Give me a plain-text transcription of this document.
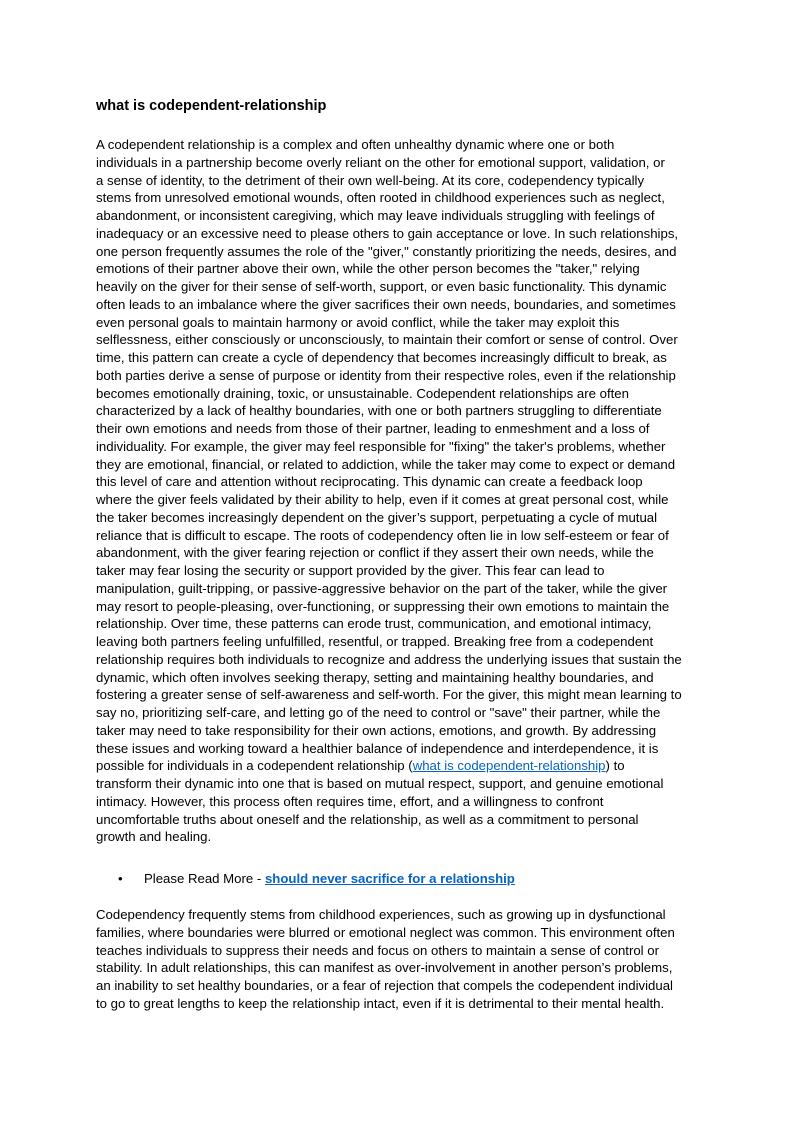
what is codependent-relationship
A codependent relationship is a complex and often unhealthy dynamic where one or both
individuals in a partnership become overly reliant on the other for emotional support, validation, or
a sense of identity, to the detriment of their own well-being. At its core, codependency typically
stems from unresolved emotional wounds, often rooted in childhood experiences such as neglect,
abandonment, or inconsistent caregiving, which may leave individuals struggling with feelings of
inadequacy or an excessive need to please others to gain acceptance or love. In such relationships,
one person frequently assumes the role of the "giver," constantly prioritizing the needs, desires, and
emotions of their partner above their own, while the other person becomes the "taker," relying
heavily on the giver for their sense of self-worth, support, or even basic functionality. This dynamic
often leads to an imbalance where the giver sacrifices their own needs, boundaries, and sometimes
even personal goals to maintain harmony or avoid conflict, while the taker may exploit this
selflessness, either consciously or unconsciously, to maintain their comfort or sense of control. Over
time, this pattern can create a cycle of dependency that becomes increasingly difficult to break, as
both parties derive a sense of purpose or identity from their respective roles, even if the relationship
becomes emotionally draining, toxic, or unsustainable. Codependent relationships are often
characterized by a lack of healthy boundaries, with one or both partners struggling to differentiate
their own emotions and needs from those of their partner, leading to enmeshment and a loss of
individuality. For example, the giver may feel responsible for "fixing" the taker's problems, whether
they are emotional, financial, or related to addiction, while the taker may come to expect or demand
this level of care and attention without reciprocating. This dynamic can create a feedback loop
where the giver feels validated by their ability to help, even if it comes at great personal cost, while
the taker becomes increasingly dependent on the giver’s support, perpetuating a cycle of mutual
reliance that is difficult to escape. The roots of codependency often lie in low self-esteem or fear of
abandonment, with the giver fearing rejection or conflict if they assert their own needs, while the
taker may fear losing the security or support provided by the giver. This fear can lead to
manipulation, guilt-tripping, or passive-aggressive behavior on the part of the taker, while the giver
may resort to people-pleasing, over-functioning, or suppressing their own emotions to maintain the
relationship. Over time, these patterns can erode trust, communication, and emotional intimacy,
leaving both partners feeling unfulfilled, resentful, or trapped. Breaking free from a codependent
relationship requires both individuals to recognize and address the underlying issues that sustain the
dynamic, which often involves seeking therapy, setting and maintaining healthy boundaries, and
fostering a greater sense of self-awareness and self-worth. For the giver, this might mean learning to
say no, prioritizing self-care, and letting go of the need to control or "save" their partner, while the
taker may need to take responsibility for their own actions, emotions, and growth. By addressing
these issues and working toward a healthier balance of independence and interdependence, it is
possible for individuals in a codependent relationship (what is codependent-relationship) to
transform their dynamic into one that is based on mutual respect, support, and genuine emotional
intimacy. However, this process often requires time, effort, and a willingness to confront
uncomfortable truths about oneself and the relationship, as well as a commitment to personal
growth and healing.
• Please Read More - should never sacrifice for a relationship
Codependency frequently stems from childhood experiences, such as growing up in dysfunctional
families, where boundaries were blurred or emotional neglect was common. This environment often
teaches individuals to suppress their needs and focus on others to maintain a sense of control or
stability. In adult relationships, this can manifest as over-involvement in another person’s problems,
an inability to set healthy boundaries, or a fear of rejection that compels the codependent individual
to go to great lengths to keep the relationship intact, even if it is detrimental to their mental health.
